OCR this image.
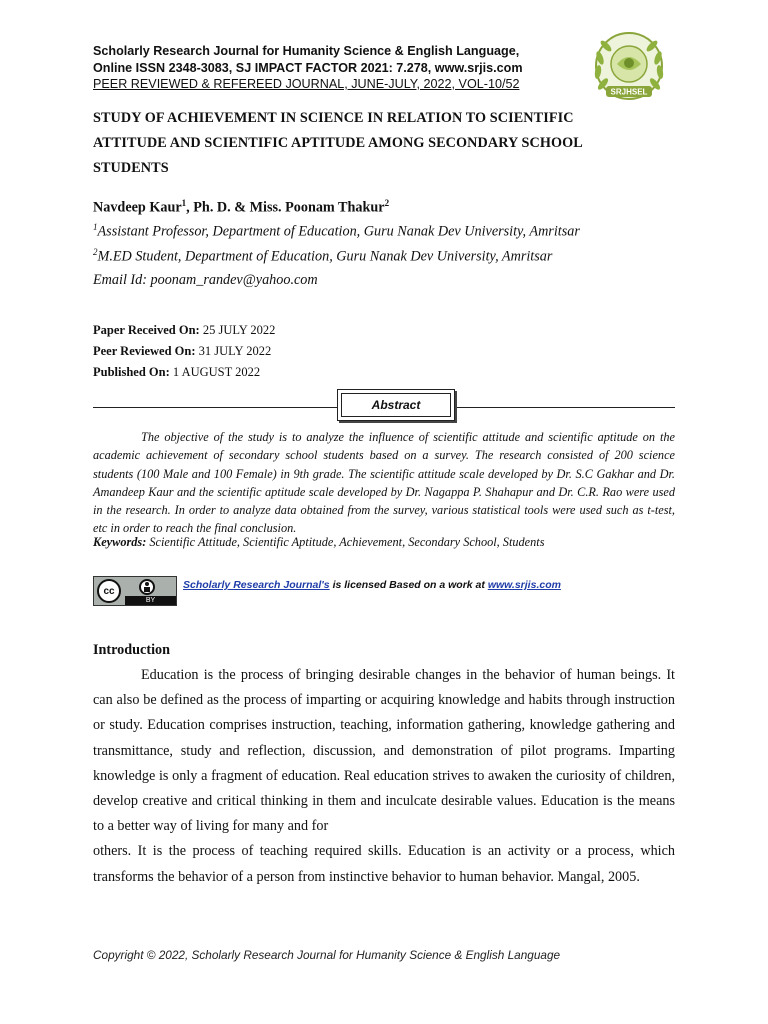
Scholarly Research Journal for Humanity Science & English Language,
Online ISSN 2348-3083, SJ IMPACT FACTOR 2021: 7.278, www.srjis.com
PEER REVIEWED & REFEREED JOURNAL, JUNE-JULY, 2022, VOL-10/52
SRJHSEL
STUDY OF ACHIEVEMENT IN SCIENCE IN RELATION TO SCIENTIFIC
ATTITUDE AND SCIENTIFIC APTITUDE AMONG SECONDARY SCHOOL
STUDENTS
Navdeep Kaur$^1$, Ph. D. & Miss. Poonam Thakur$^2$
$^1$Assistant Professor, Department of Education, Guru Nanak Dev University, Amritsar
$^2$M.ED Student, Department of Education, Guru Nanak Dev University, Amritsar
Email Id: poonam_randev@yahoo.com
Paper Received On: 25 JULY 2022
Peer Reviewed On: 31 JULY 2022
Published On: 1 AUGUST 2022
Abstract
The objective of the study is to analyze the influence of scientific attitude and scientific aptitude on the academic achievement of secondary school students based on a survey. The research consisted of 200 science students (100 Male and 100 Female) in 9th grade. The scientific attitude scale developed by Dr. S.C Gakhar and Dr. Amandeep Kaur and the scientific aptitude scale developed by Dr. Nagappa P. Shahapur and Dr. C.R. Rao were used in the research. In order to analyze data obtained from the survey, various statistical tools were used such as t-test, etc in order to reach the final conclusion.
Keywords: Scientific Attitude, Scientific Aptitude, Achievement, Secondary School, Students
cc
BY
Scholarly Research Journal's is licensed Based on a work at www.srjis.com
Introduction

Education is the process of bringing desirable changes in the behavior of human beings. It can also be defined as the process of imparting or acquiring knowledge and habits through instruction or study. Education comprises instruction, teaching, information gathering, knowledge gathering and transmittance, study and reflection, discussion, and demonstration of pilot programs. Imparting knowledge is only a fragment of education. Real education strives to awaken the curiosity of children, develop creative and critical thinking in them and inculcate desirable values. Education is the means to a better way of living for many and for

others. It is the process of teaching required skills. Education is an activity or a process, which transforms the behavior of a person from instinctive behavior to human behavior. Mangal, 2005.

Copyright © 2022, Scholarly Research Journal for Humanity Science & English Language
